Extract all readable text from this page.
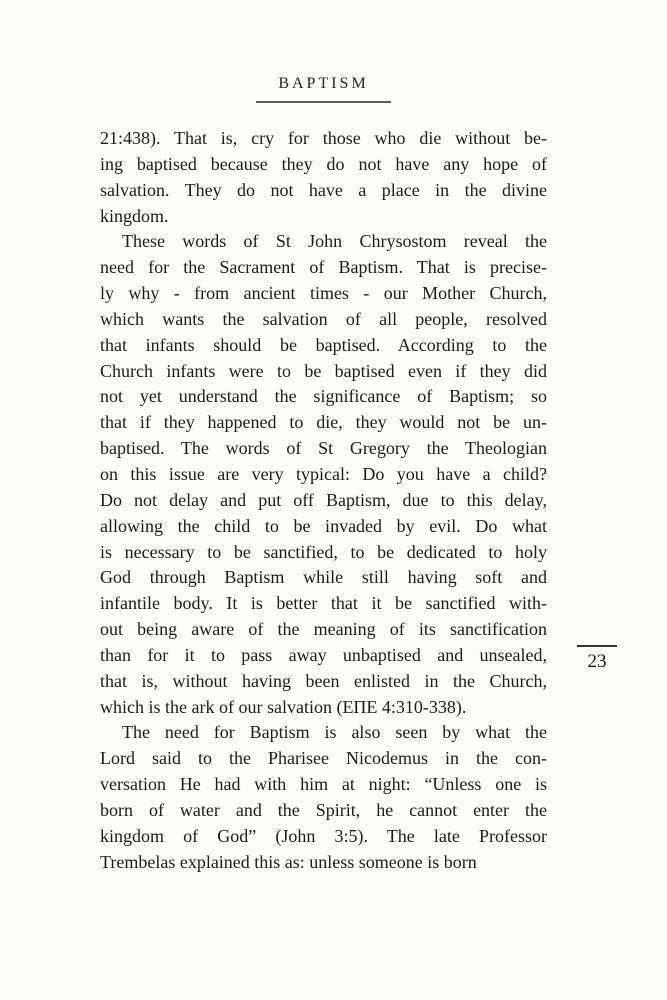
BAPTISM
21:438). That is, cry for those who die without be-
ing baptised because they do not have any hope of
salvation. They do not have a place in the divine
kingdom.
These words of St John Chrysostom reveal the
need for the Sacrament of Baptism. That is precise-
ly why - from ancient times - our Mother Church,
which wants the salvation of all people, resolved
that infants should be baptised. According to the
Church infants were to be baptised even if they did
not yet understand the significance of Baptism; so
that if they happened to die, they would not be un-
baptised. The words of St Gregory the Theologian
on this issue are very typical: Do you have a child?
Do not delay and put off Baptism, due to this delay,
allowing the child to be invaded by evil. Do what
is necessary to be sanctified, to be dedicated to holy
God through Baptism while still having soft and
infantile body. It is better that it be sanctified with-
out being aware of the meaning of its sanctification
than for it to pass away unbaptised and unsealed,
that is, without having been enlisted in the Church,
which is the ark of our salvation (ΕΠΕ 4:310-338).
The need for Baptism is also seen by what the
Lord said to the Pharisee Nicodemus in the con-
versation He had with him at night: “Unless one is
born of water and the Spirit, he cannot enter the
kingdom of God” (John 3:5). The late Professor
Trembelas explained this as: unless someone is born
23
